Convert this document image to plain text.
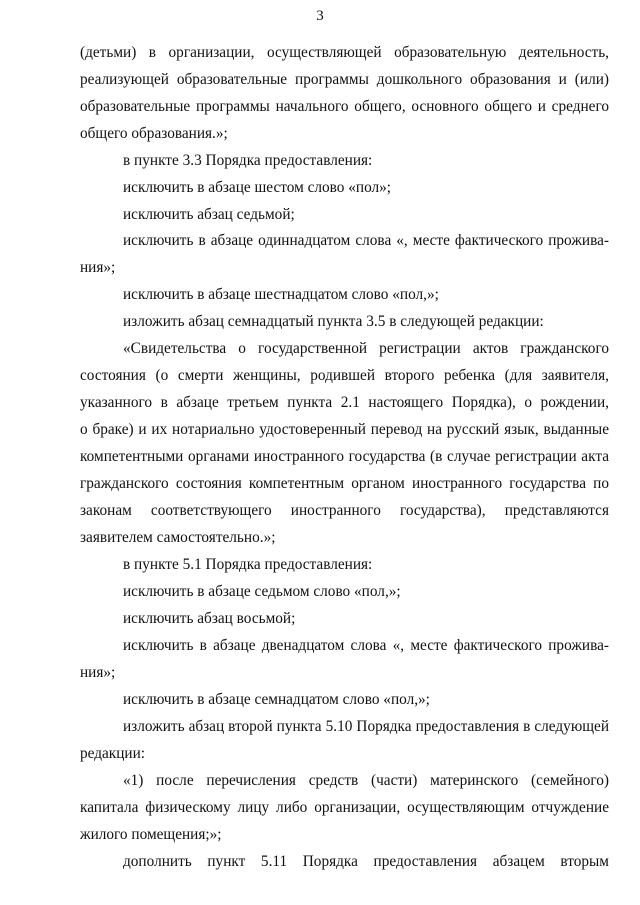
3
(детьми) в организации, осуществляющей образовательную деятельность,
реализующей образовательные программы дошкольного образования и (или)
образовательные программы начального общего, основного общего и среднего
общего образования.»;
в пункте 3.3 Порядка предоставления:
исключить в абзаце шестом слово «пол»;
исключить абзац седьмой;
исключить в абзаце одиннадцатом слова «, месте фактического прожива-
ния»;
исключить в абзаце шестнадцатом слово «пол,»;
изложить абзац семнадцатый пункта 3.5 в следующей редакции:
«Свидетельства о государственной регистрации актов гражданского
состояния (о смерти женщины, родившей второго ребенка (для заявителя,
указанного в абзаце третьем пункта 2.1 настоящего Порядка), о рождении,
о браке) и их нотариально удостоверенный перевод на русский язык, выданные
компетентными органами иностранного государства (в случае регистрации акта
гражданского состояния компетентным органом иностранного государства по
законам соответствующего иностранного государства), представляются
заявителем самостоятельно.»;
в пункте 5.1 Порядка предоставления:
исключить в абзаце седьмом слово «пол,»;
исключить абзац восьмой;
исключить в абзаце двенадцатом слова «, месте фактического прожива-
ния»;
исключить в абзаце семнадцатом слово «пол,»;
изложить абзац второй пункта 5.10 Порядка предоставления в следующей
редакции:
«1) после перечисления средств (части) материнского (семейного)
капитала физическому лицу либо организации, осуществляющим отчуждение
жилого помещения;»;
дополнить пункт 5.11 Порядка предоставления абзацем вторым
